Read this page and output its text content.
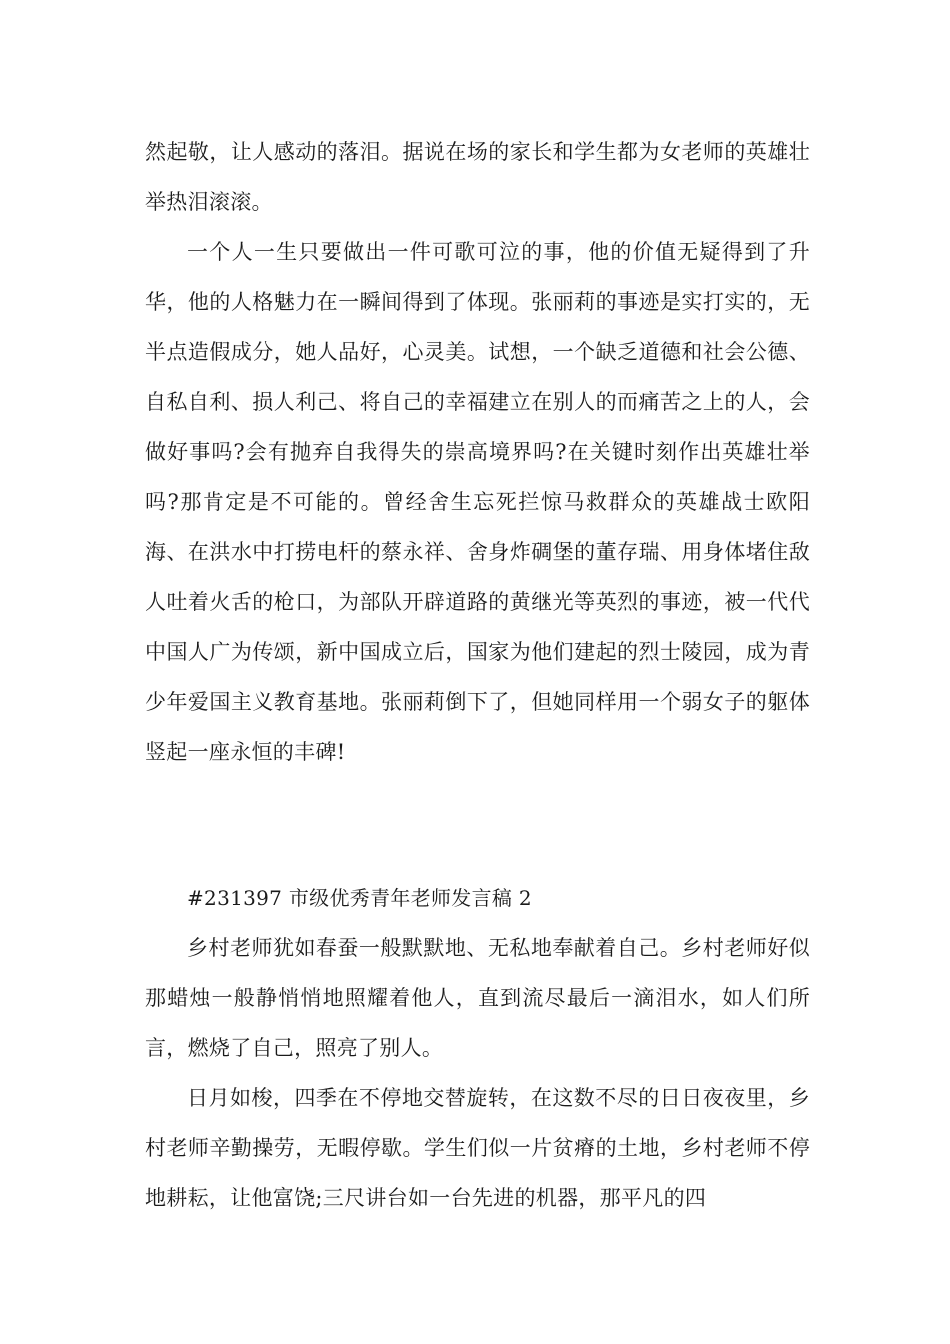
然起敬，让人感动的落泪。据说在场的家长和学生都为女老师的英雄壮举热泪滚滚。

一个人一生只要做出一件可歌可泣的事，他的价值无疑得到了升华，他的人格魅力在一瞬间得到了体现。张丽莉的事迹是实打实的，无半点造假成分，她人品好，心灵美。试想，一个缺乏道德和社会公德、自私自利、损人利己、将自己的幸福建立在别人的而痛苦之上的人，会做好事吗?会有抛弃自我得失的崇高境界吗?在关键时刻作出英雄壮举吗?那肯定是不可能的。曾经舍生忘死拦惊马救群众的英雄战士欧阳海、在洪水中打捞电杆的蔡永祥、舍身炸碉堡的董存瑞、用身体堵住敌人吐着火舌的枪口，为部队开辟道路的黄继光等英烈的事迹，被一代代中国人广为传颂，新中国成立后，国家为他们建起的烈士陵园，成为青少年爱国主义教育基地。张丽莉倒下了，但她同样用一个弱女子的躯体竖起一座永恒的丰碑!

#231397 市级优秀青年老师发言稿 2

乡村老师犹如春蚕一般默默地、无私地奉献着自己。乡村老师好似那蜡烛一般静悄悄地照耀着他人，直到流尽最后一滴泪水，如人们所言，燃烧了自己，照亮了别人。

日月如梭，四季在不停地交替旋转，在这数不尽的日日夜夜里，乡村老师辛勤操劳，无暇停歇。学生们似一片贫瘠的土地，乡村老师不停地耕耘，让他富饶;三尺讲台如一台先进的机器，那平凡的四
